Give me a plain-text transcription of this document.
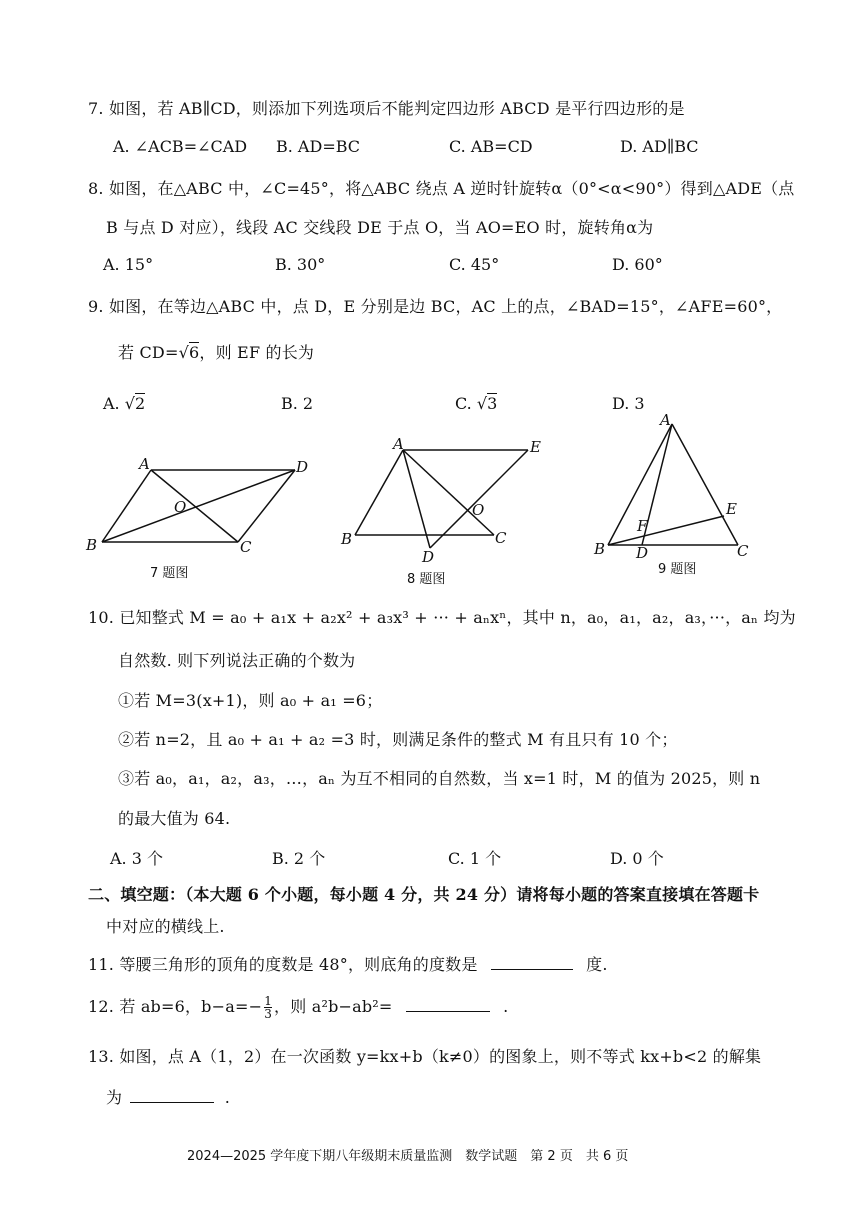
7. 如图，若 AB∥CD，则添加下列选项后不能判定四边形 ABCD 是平行四边形的是
A. ∠ACB=∠CAD B. AD=BC	C. AB=CD	D. AD∥BC
8. 如图，在△ABC 中，∠C=45°，将△ABC 绕点 A 逆时针旋转α（0°<α<90°）得到△ADE（点
B 与点 D 对应），线段 AC 交线段 DE 于点 O，当 AO=EO 时，旋转角α为
A. 15°	B. 30°	C. 45°	D. 60°
9. 如图，在等边△ABC 中，点 D，E 分别是边 BC，AC 上的点，∠BAD=15°，∠AFE=60°，
若 CD=√6，则 EF 的长为
A. √2	B. 2	C. √3	D. 3
A	D
O
B	C
A	E
O
B
D
C
A
E
F
B D	C
7 题图	8 题图
9 题图
10. 已知整式 M = a₀ + a₁x + a₂x² + a₃x³ + ··· + aₙxⁿ，其中 n，a₀，a₁，a₂，a₃，···，aₙ 均为
自然数. 则下列说法正确的个数为
①若 M=3(x+1)，则 a₀ + a₁ =6；
②若 n=2，且 a₀ + a₁ + a₂ =3 时，则满足条件的整式 M 有且只有 10 个；
③若 a₀，a₁，a₂，a₃，…，aₙ 为互不相同的自然数，当 x=1 时，M 的值为 2025，则 n
的最大值为 64.
A. 3 个	B. 2 个	C. 1 个	D. 0 个
二、填空题：（本大题 6 个小题，每小题 4 分，共 24 分）请将每小题的答案直接填在答题卡
中对应的横线上.
11. 等腰三角形的顶角的度数是 48°，则底角的度数是	度.
12. 若 ab=6，$b-a=- \frac{1}{3}$ ，则 a²b−ab²=	.
13. 如图，点 A（1，2）在一次函数 y=kx+b（k≠0）的图象上，则不等式 kx+b<2 的解集
为	.
2024—2025 学年度下期八年级期末质量监测　数学试题　第 2 页　共 6 页
